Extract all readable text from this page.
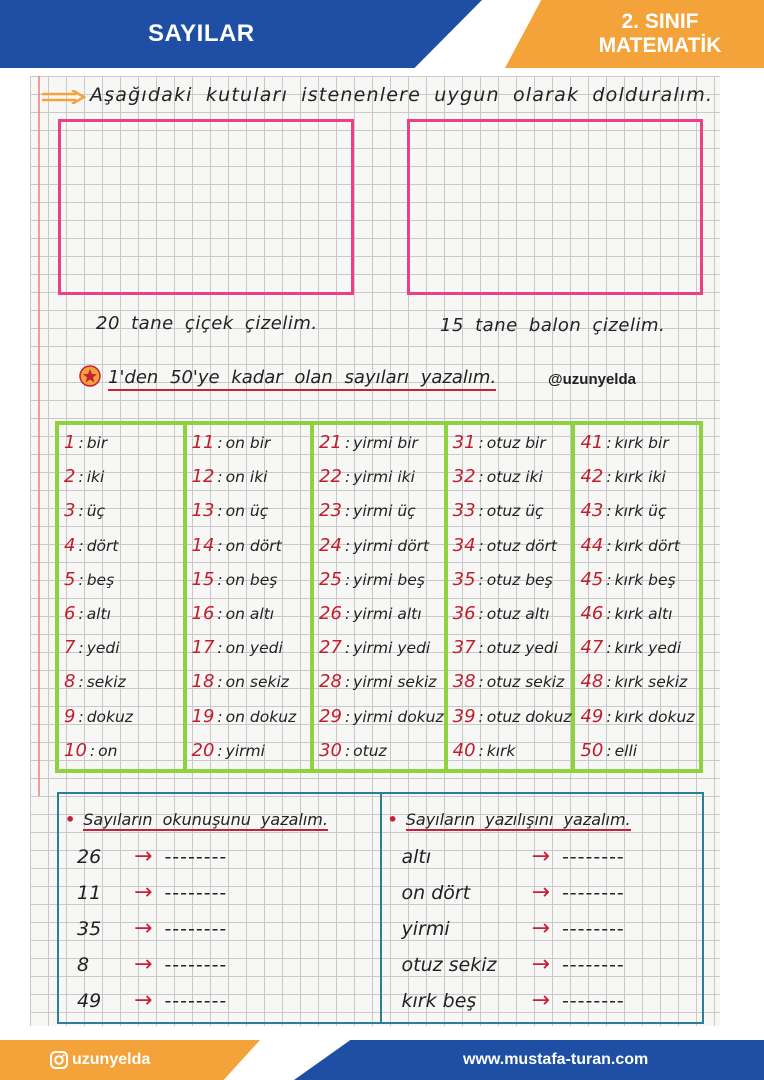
SAYILAR	2. SINIF
MATEMATİK
Aşağıdaki kutuları istenenlere uygun olarak dolduralım.
20 tane çiçek çizelim.	15 tane balon çizelim.
1'den 50'ye kadar olan sayıları yazalım.	@uzunyelda
1 : bir
2 : iki
3 : üç
4 : dört
5 : beş
6 : altı
7 : yedi
8 : sekiz
9 : dokuz
10 : on
11 : on bir
12 : on iki
13 : on üç
14 : on dört
15 : on beş
16 : on altı
17 : on yedi
18 : on sekiz
19 : on dokuz
20 : yirmi
21 : yirmi bir
22 : yirmi iki
23 : yirmi üç
24 : yirmi dört
25 : yirmi beş
26 : yirmi altı
27 : yirmi yedi
28 : yirmi sekiz
29 : yirmi dokuz
30 : otuz
31 : otuz bir
32 : otuz iki
33 : otuz üç
34 : otuz dört
35 : otuz beş
36 : otuz altı
37 : otuz yedi
38 : otuz sekiz
39 : otuz dokuz
40 : kırk
41 : kırk bir
42 : kırk iki
43 : kırk üç
44 : kırk dört
45 : kırk beş
46 : kırk altı
47 : kırk yedi
48 : kırk sekiz
49 : kırk dokuz
50 : elli
• Sayıların okunuşunu yazalım.
26	→ --------
11	→ --------
35	→ --------
8	→ --------
49	→ --------
• Sayıların yazılışını yazalım.
altı	→ --------
on dört	→ --------
yirmi	→ --------
otuz sekiz	→ --------
kırk beş	→ --------
uzunyelda	www.mustafa-turan.com
